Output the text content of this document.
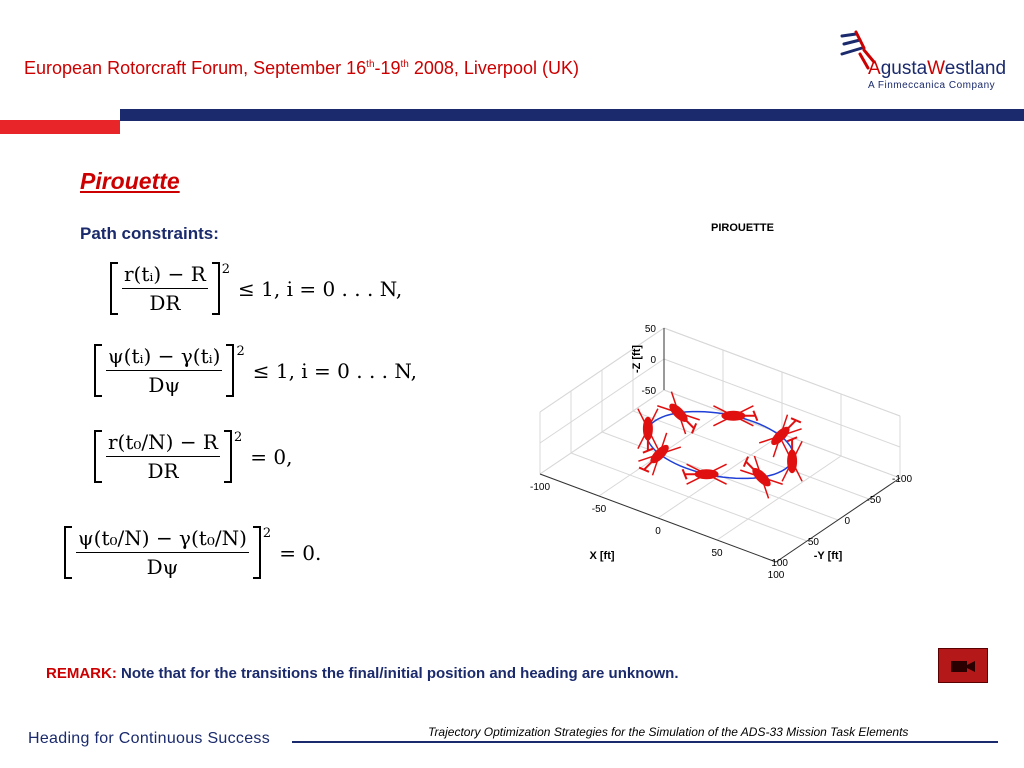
European Rotorcraft Forum, September 16th-19th 2008, Liverpool (UK)	AgustaWestland
A Finmeccanica Company
Pirouette
Path constraints:
$\frac{\text{r(tᵢ) − R}}{DR} 2$
≤ 1, i = 0 . . . N,
$\frac{\text{ψ(tᵢ) − γ(tᵢ)}}{D\psi} 2$
≤ 1, i = 0 . . . N,
$\frac{\text{r(t₀/N) − R}}{DR} 2$
= 0,
$\frac{\text{ψ(t₀/N) − γ(t₀/N)}}{D\psi} 2$
= 0.
PIROUETTE
-50
0
50
-100
-50
0
50
100
-100
-50
0
50
100
-Z [ft]
X [ft]	-Y [ft]
REMARK: Note that for the transitions the final/initial position and heading are unknown.
Heading for Continuous Success	Trajectory Optimization Strategies for the Simulation of the ADS-33 Mission Task Elements
